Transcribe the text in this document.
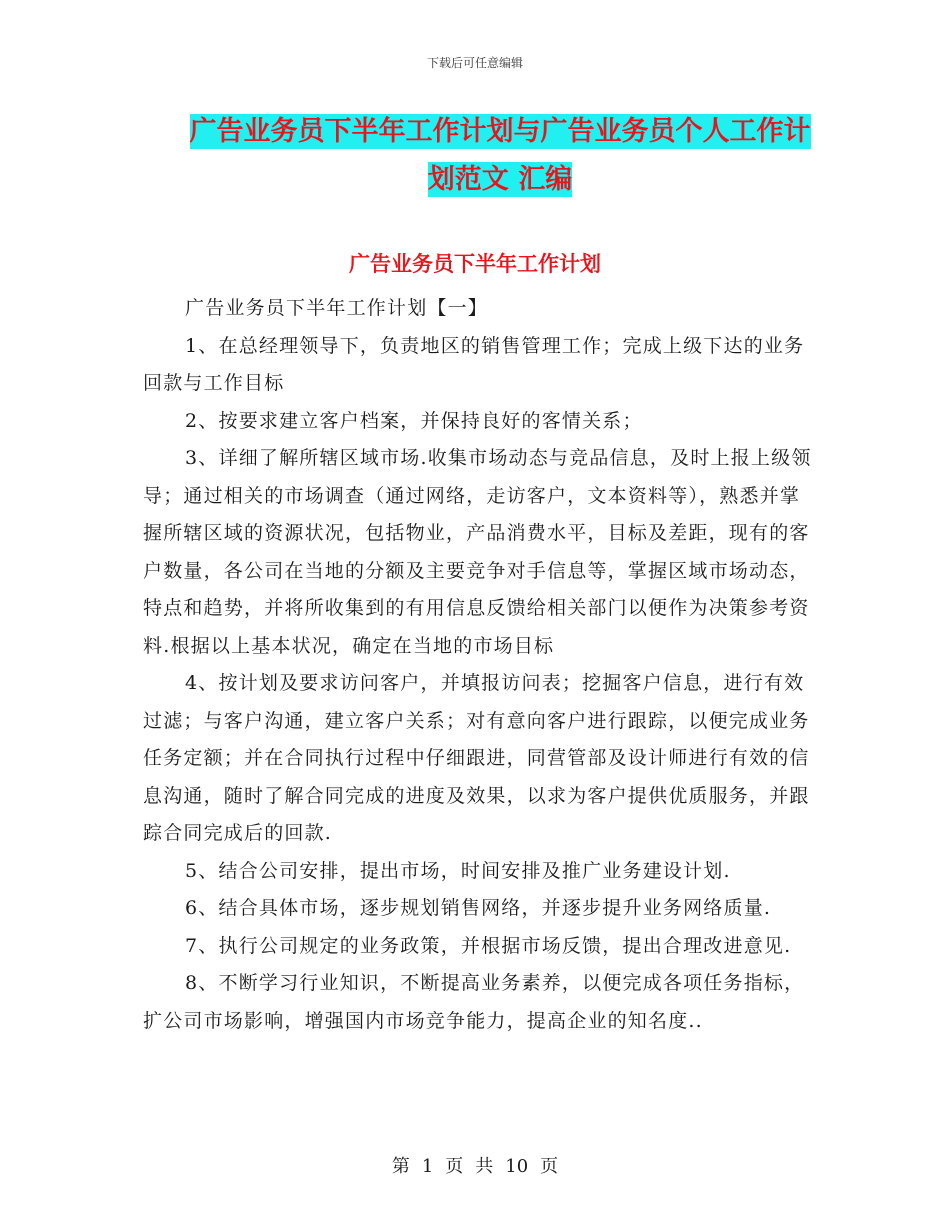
下载后可任意编辑
广告业务员下半年工作计划与广告业务员个人工作计
划范文 汇编
广告业务员下半年工作计划

广告业务员下半年工作计划【一】

1、在总经理领导下，负责地区的销售管理工作；完成上级下达的业务回款与工作目标

2、按要求建立客户档案，并保持良好的客情关系；

3、详细了解所辖区域市场.收集市场动态与竞品信息，及时上报上级领导；通过相关的市场调查（通过网络，走访客户，文本资料等），熟悉并掌握所辖区域的资源状况，包括物业，产品消费水平，目标及差距，现有的客户数量，各公司在当地的分额及主要竞争对手信息等，掌握区域市场动态，特点和趋势，并将所收集到的有用信息反馈给相关部门以便作为决策参考资料.根据以上基本状况，确定在当地的市场目标

4、按计划及要求访问客户，并填报访问表；挖掘客户信息，进行有效过滤；与客户沟通，建立客户关系；对有意向客户进行跟踪，以便完成业务任务定额；并在合同执行过程中仔细跟进，同营管部及设计师进行有效的信息沟通，随时了解合同完成的进度及效果，以求为客户提供优质服务，并跟踪合同完成后的回款.

5、结合公司安排，提出市场，时间安排及推广业务建设计划.

6、结合具体市场，逐步规划销售网络，并逐步提升业务网络质量.

7、执行公司规定的业务政策，并根据市场反馈，提出合理改进意见.

8、不断学习行业知识，不断提高业务素养，以便完成各项任务指标，扩公司市场影响，增强国内市场竞争能力，提高企业的知名度..

第 1 页 共 10 页
